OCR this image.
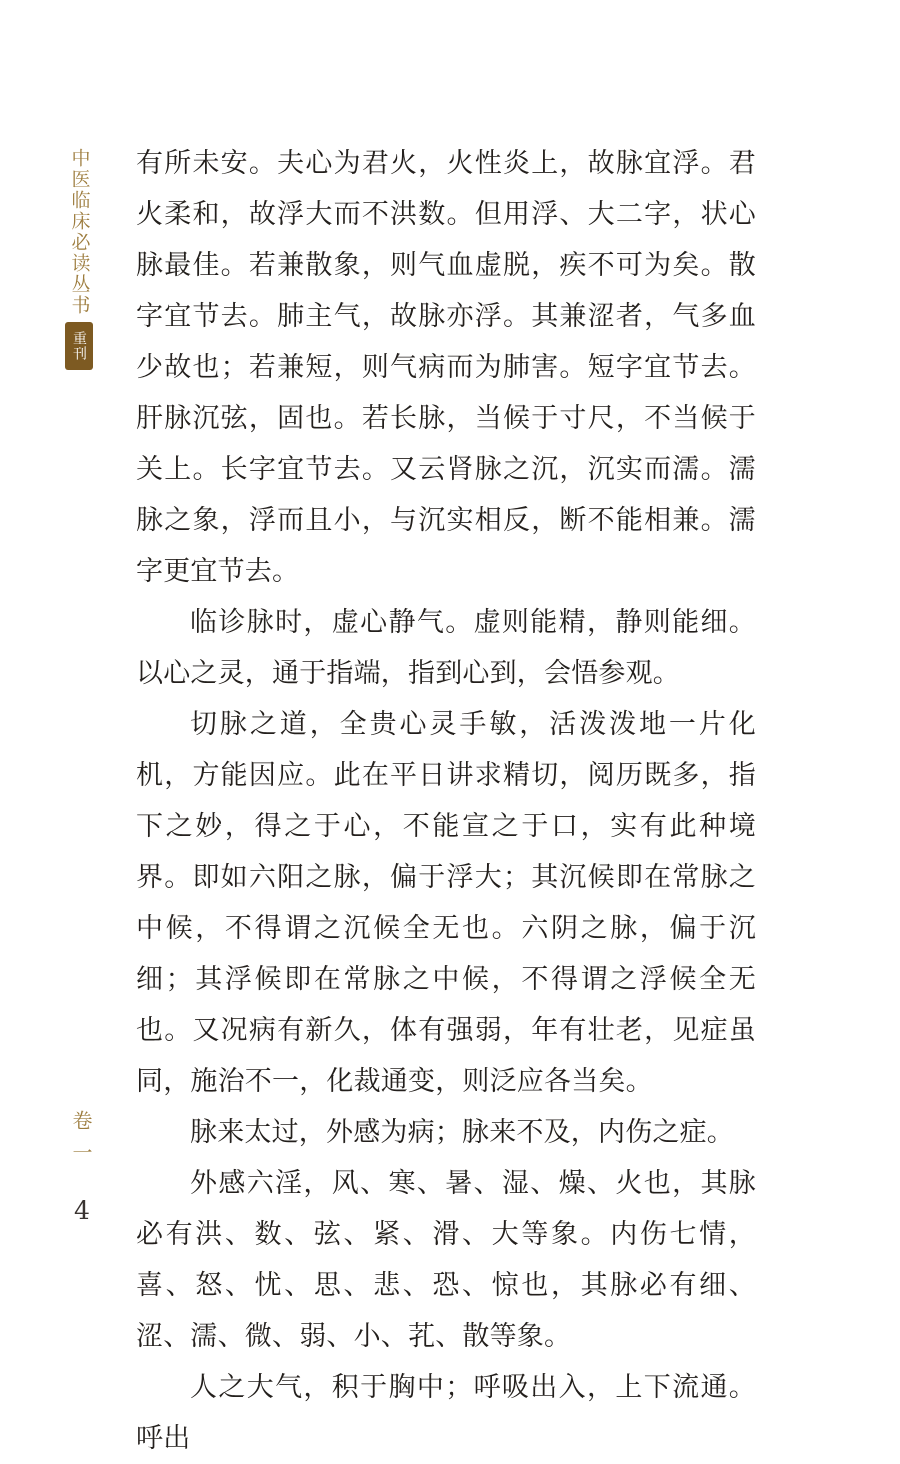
中医临床必读丛书
重刊
卷一
4

有所未安。夫心为君火，火性炎上，故脉宜浮。君火柔和，故浮大而不洪数。但用浮、大二字，状心脉最佳。若兼散象，则气血虚脱，疾不可为矣。散字宜节去。肺主气，故脉亦浮。其兼涩者，气多血少故也；若兼短，则气病而为肺害。短字宜节去。肝脉沉弦，固也。若长脉，当候于寸尺，不当候于关上。长字宜节去。又云肾脉之沉，沉实而濡。濡脉之象，浮而且小，与沉实相反，断不能相兼。濡字更宜节去。

临诊脉时，虚心静气。虚则能精，静则能细。以心之灵，通于指端，指到心到，会悟参观。

切脉之道，全贵心灵手敏，活泼泼地一片化机，方能因应。此在平日讲求精切，阅历既多，指下之妙，得之于心，不能宣之于口，实有此种境界。即如六阳之脉，偏于浮大；其沉候即在常脉之中候，不得谓之沉候全无也。六阴之脉，偏于沉细；其浮候即在常脉之中候，不得谓之浮候全无也。又况病有新久，体有强弱，年有壮老，见症虽同，施治不一，化裁通变，则泛应各当矣。

脉来太过，外感为病；脉来不及，内伤之症。

外感六淫，风、寒、暑、湿、燥、火也，其脉必有洪、数、弦、紧、滑、大等象。内伤七情，喜、怒、忧、思、悲、恐、惊也，其脉必有细、涩、濡、微、弱、小、芤、散等象。

人之大气，积于胸中；呼吸出入，上下流通。呼出
